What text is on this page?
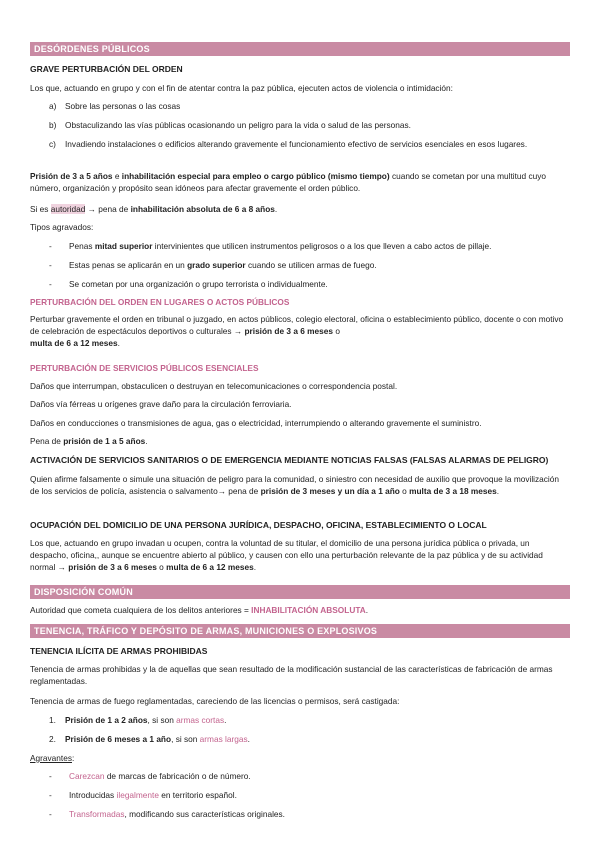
DESÓRDENES PÚBLICOS

GRAVE PERTURBACIÓN DEL ORDEN

Los que, actuando en grupo y con el fin de atentar contra la paz pública, ejecuten actos de violencia o intimidación:

a) Sobre las personas o las cosas
b) Obstaculizando las vías públicas ocasionando un peligro para la vida o salud de las personas.
c) Invadiendo instalaciones o edificios alterando gravemente el funcionamiento efectivo de servicios esenciales en esos lugares.

Prisión de 3 a 5 años e inhabilitación especial para empleo o cargo público (mismo tiempo) cuando se cometan por una multitud cuyo número, organización y propósito sean idóneos para afectar gravemente el orden público.

Si es autoridad → pena de inhabilitación absoluta de 6 a 8 años.

Tipos agravados:

- Penas mitad superior intervinientes que utilicen instrumentos peligrosos o a los que lleven a cabo actos de pillaje.
- Estas penas se aplicarán en un grado superior cuando se utilicen armas de fuego.
- Se cometan por una organización o grupo terrorista o individualmente.

PERTURBACIÓN DEL ORDEN EN LUGARES O ACTOS PÚBLICOS

Perturbar gravemente el orden en tribunal o juzgado, en actos públicos, colegio electoral, oficina o establecimiento público, docente o con motivo de celebración de espectáculos deportivos o culturales → prisión de 3 a 6 meses o
multa de 6 a 12 meses.

PERTURBACIÓN DE SERVICIOS PÚBLICOS ESENCIALES

Daños que interrumpan, obstaculicen o destruyan en telecomunicaciones o correspondencia postal.

Daños vía férreas u orígenes grave daño para la circulación ferroviaria.

Daños en conducciones o transmisiones de agua, gas o electricidad, interrumpiendo o alterando gravemente el suministro.

Pena de prisión de 1 a 5 años.

ACTIVACIÓN DE SERVICIOS SANITARIOS O DE EMERGENCIA MEDIANTE NOTICIAS FALSAS (FALSAS ALARMAS DE PELIGRO)

Quien afirme falsamente o simule una situación de peligro para la comunidad, o siniestro con necesidad de auxilio que provoque la movilización de los servicios de policía, asistencia o salvamento→ pena de prisión de 3 meses y un día a 1 año o multa de 3 a 18 meses.

OCUPACIÓN DEL DOMICILIO DE UNA PERSONA JURÍDICA, DESPACHO, OFICINA, ESTABLECIMIENTO O LOCAL

Los que, actuando en grupo invadan u ocupen, contra la voluntad de su titular, el domicilio de una persona jurídica pública o privada, un despacho, oficina,, aunque se encuentre abierto al público, y causen con ello una perturbación relevante de la paz pública y de su actividad normal → prisión de 3 a 6 meses o multa de 6 a 12 meses.

DISPOSICIÓN COMÚN

Autoridad que cometa cualquiera de los delitos anteriores = INHABILITACIÓN ABSOLUTA.

TENENCIA, TRÁFICO Y DEPÓSITO DE ARMAS, MUNICIONES O EXPLOSIVOS

TENENCIA ILÍCITA DE ARMAS PROHIBIDAS

Tenencia de armas prohibidas y la de aquellas que sean resultado de la modificación sustancial de las características de fabricación de armas reglamentadas.

Tenencia de armas de fuego reglamentadas, careciendo de las licencias o permisos, será castigada:

1. Prisión de 1 a 2 años, si son armas cortas.
2. Prisión de 6 meses a 1 año, si son armas largas.

Agravantes:

- Carezcan de marcas de fabricación o de número.
- Introducidas ilegalmente en territorio español.
- Transformadas, modificando sus características originales.
